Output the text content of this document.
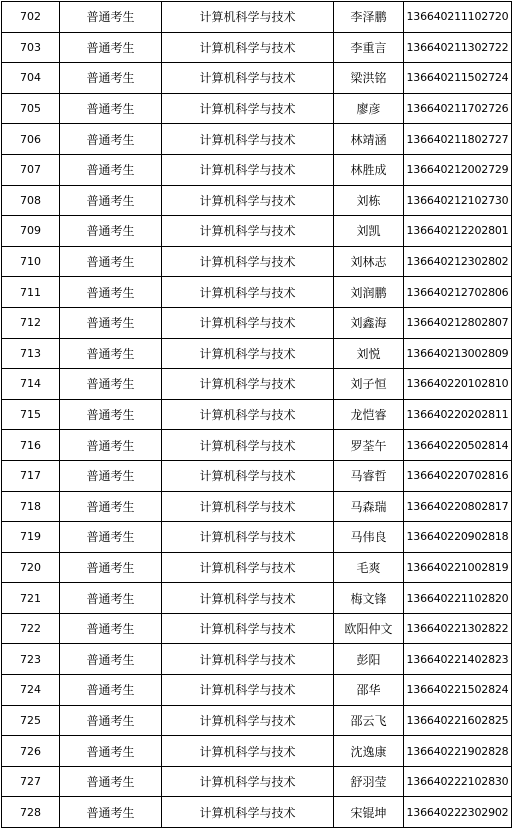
702	普通考生	计算机科学与技术	李泽鹏	136640211102720
703	普通考生	计算机科学与技术	李重言	136640211302722
704	普通考生	计算机科学与技术	梁洪铭	136640211502724
705	普通考生	计算机科学与技术	廖彦	136640211702726
706	普通考生	计算机科学与技术	林靖涵	136640211802727
707	普通考生	计算机科学与技术	林胜成	136640212002729
708	普通考生	计算机科学与技术	刘栋	136640212102730
709	普通考生	计算机科学与技术	刘凯	136640212202801
710	普通考生	计算机科学与技术	刘林志	136640212302802
711	普通考生	计算机科学与技术	刘润鹏	136640212702806
712	普通考生	计算机科学与技术	刘鑫海	136640212802807
713	普通考生	计算机科学与技术	刘悦	136640213002809
714	普通考生	计算机科学与技术	刘子恒	136640220102810
715	普通考生	计算机科学与技术	龙恺睿	136640220202811
716	普通考生	计算机科学与技术	罗荃午	136640220502814
717	普通考生	计算机科学与技术	马睿哲	136640220702816
718	普通考生	计算机科学与技术	马森瑞	136640220802817
719	普通考生	计算机科学与技术	马伟良	136640220902818
720	普通考生	计算机科学与技术	毛爽	136640221002819
721	普通考生	计算机科学与技术	梅文锋	136640221102820
722	普通考生	计算机科学与技术	欧阳仲文	136640221302822
723	普通考生	计算机科学与技术	彭阳	136640221402823
724	普通考生	计算机科学与技术	邵华	136640221502824
725	普通考生	计算机科学与技术	邵云飞	136640221602825
726	普通考生	计算机科学与技术	沈逸康	136640221902828
727	普通考生	计算机科学与技术	舒羽莹	136640222102830
728	普通考生	计算机科学与技术	宋锟坤	136640222302902
